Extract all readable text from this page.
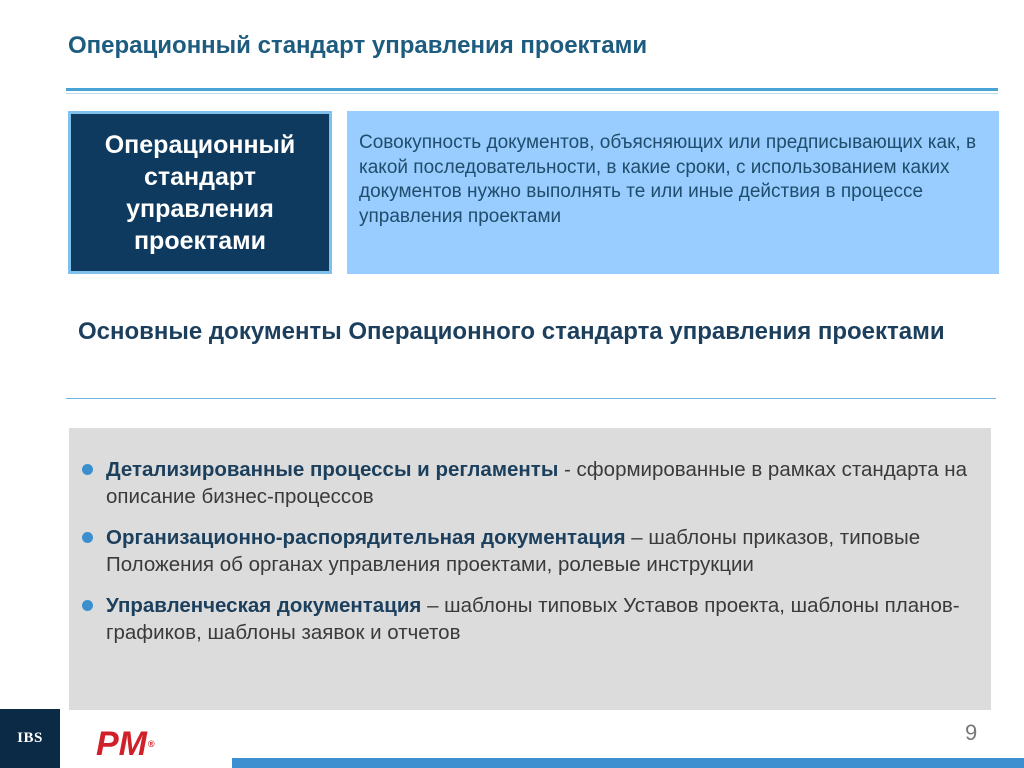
Операционный стандарт управления проектами
Операционный стандарт управления проектами
Совокупность документов, объясняющих или предписывающих как, в какой последовательности, в какие сроки, с использованием каких документов нужно выполнять те или иные действия в процессе управления проектами
Основные документы Операционного стандарта управления проектами
Детализированные процессы и регламенты - сформированные в рамках стандарта на описание бизнес-процессов
Организационно-распорядительная документация – шаблоны приказов, типовые Положения об органах управления проектами, ролевые инструкции
Управленческая документация – шаблоны типовых Уставов проекта, шаблоны планов-графиков, шаблоны заявок и отчетов
IBS	PM®	9
